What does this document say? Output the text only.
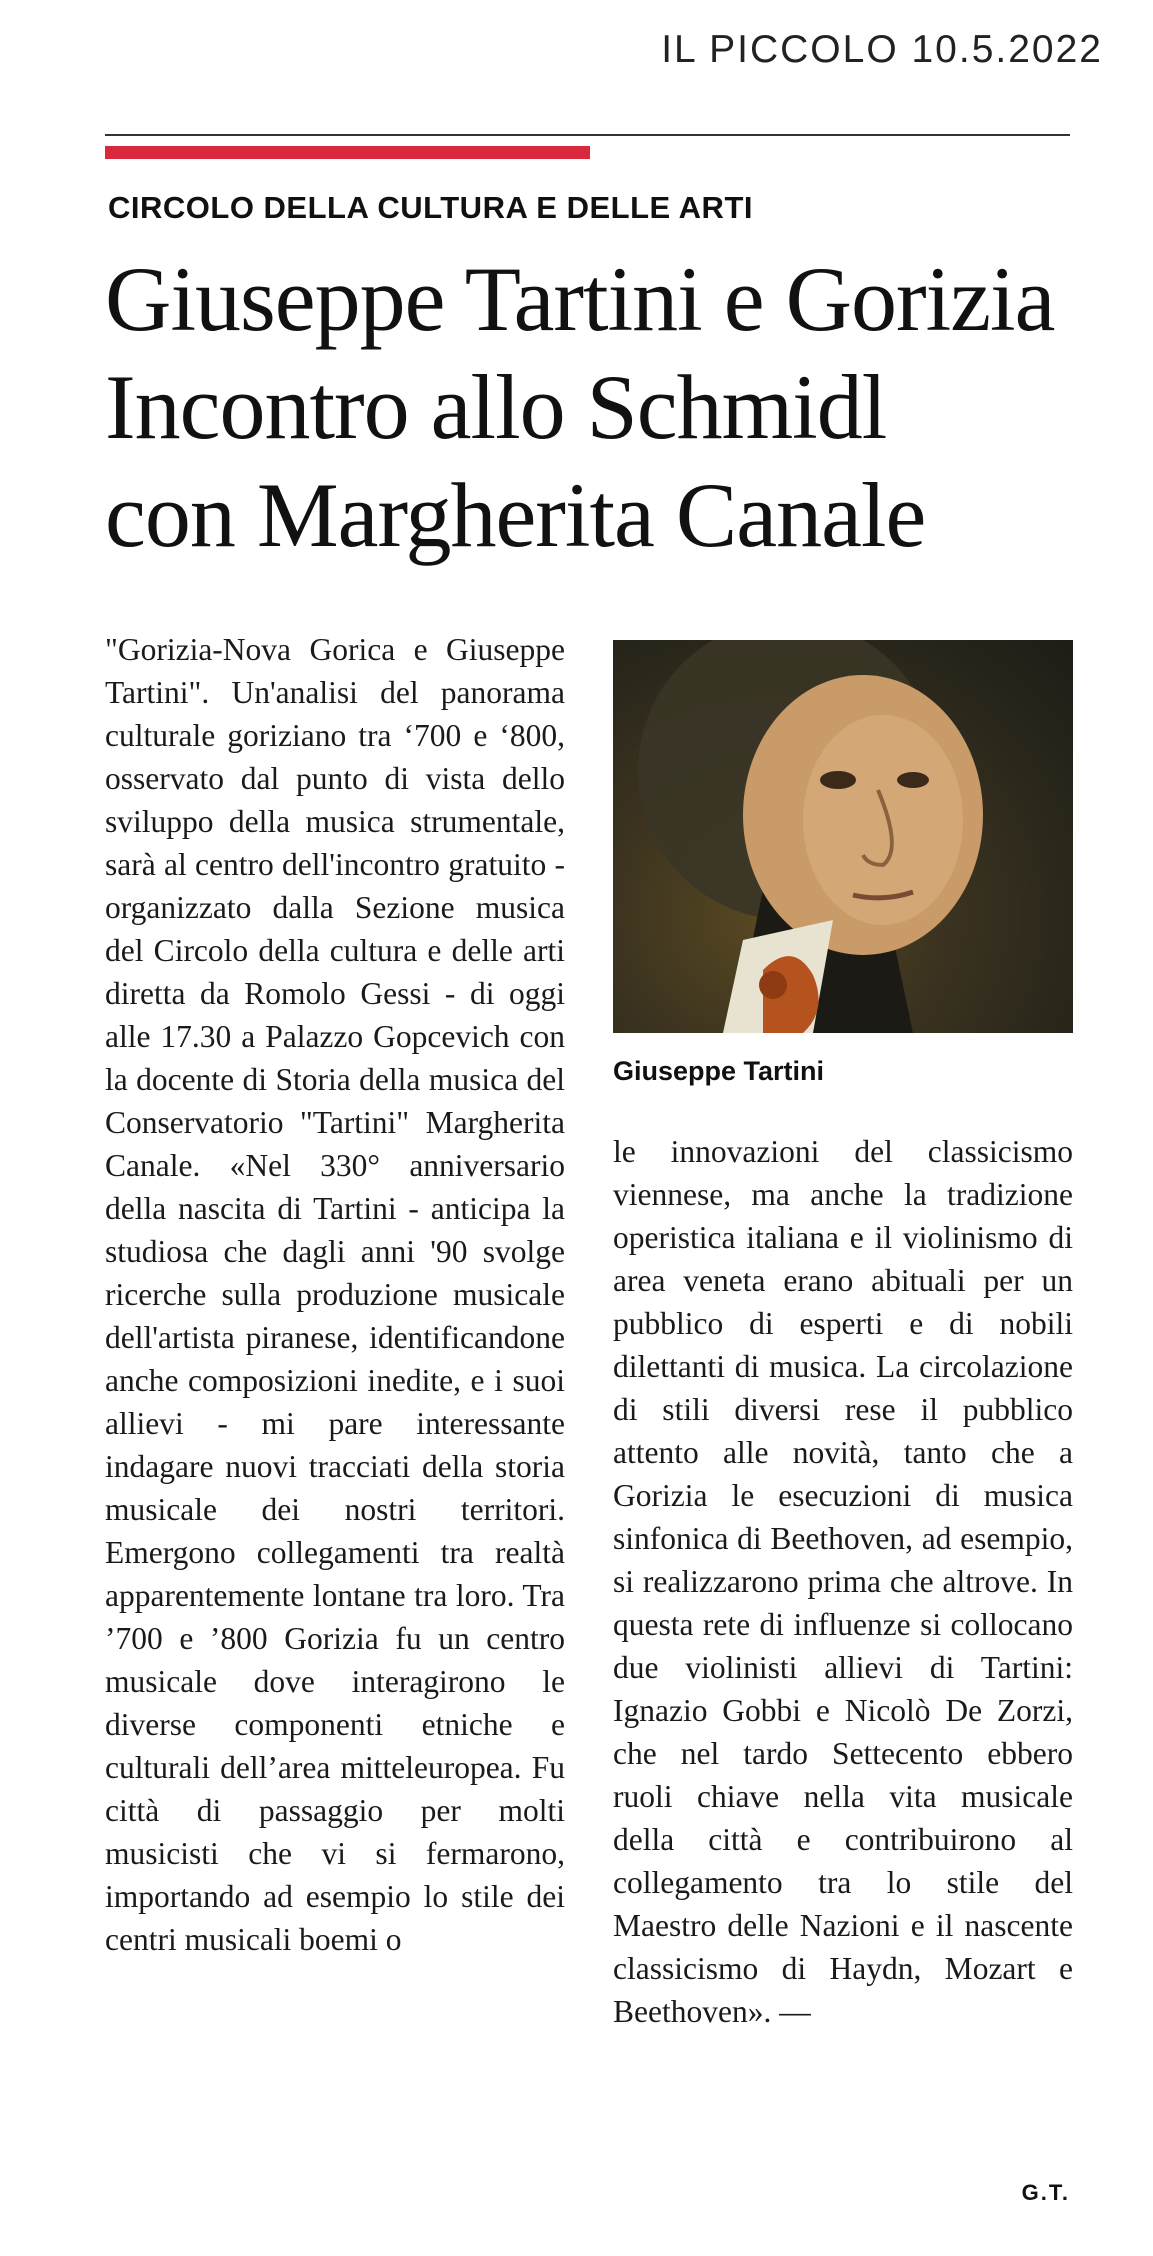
IL PICCOLO 10.5.2022
CIRCOLO DELLA CULTURA E DELLE ARTI
Giuseppe Tartini e Gorizia
Incontro allo Schmidl
con Margherita Canale
"Gorizia-Nova Gorica e Giuseppe Tartini". Un'analisi del panorama culturale goriziano tra ‘700 e ‘800, osservato dal punto di vista dello sviluppo della musica strumentale, sarà al centro dell'incontro gratuito - organizzato dalla Sezione musica del Circolo della cultura e delle arti diretta da Romolo Gessi - di oggi alle 17.30 a Palazzo Gopcevich con la docente di Storia della musica del Conservatorio "Tartini" Margherita Canale. «Nel 330° anniversario della nascita di Tartini - anticipa la studiosa che dagli anni '90 svolge ricerche sulla produzione musicale dell'artista piranese, identificandone anche composizioni inedite, e i suoi allievi - mi pare interessante indagare nuovi tracciati della storia musicale dei nostri territori. Emergono collegamenti tra realtà apparentemente lontane tra loro. Tra ’700 e ’800 Gorizia fu un centro musicale dove interagirono le diverse componenti etniche e culturali dell’area mitteleuropea. Fu città di passaggio per molti musicisti che vi si fermarono, importando ad esempio lo stile dei centri musicali boemi o
Giuseppe Tartini
le innovazioni del classicismo viennese, ma anche la tradizione operistica italiana e il violinismo di area veneta erano abituali per un pubblico di esperti e di nobili dilettanti di musica. La circolazione di stili diversi rese il pubblico attento alle novità, tanto che a Gorizia le esecuzioni di musica sinfonica di Beethoven, ad esempio, si realizzarono prima che altrove. In questa rete di influenze si collocano due violinisti allievi di Tartini: Ignazio Gobbi e Nicolò De Zorzi, che nel tardo Settecento ebbero ruoli chiave nella vita musicale della città e contribuirono al collegamento tra lo stile del Maestro delle Nazioni e il nascente classicismo di Haydn, Mozart e Beethoven». —
G.T.
